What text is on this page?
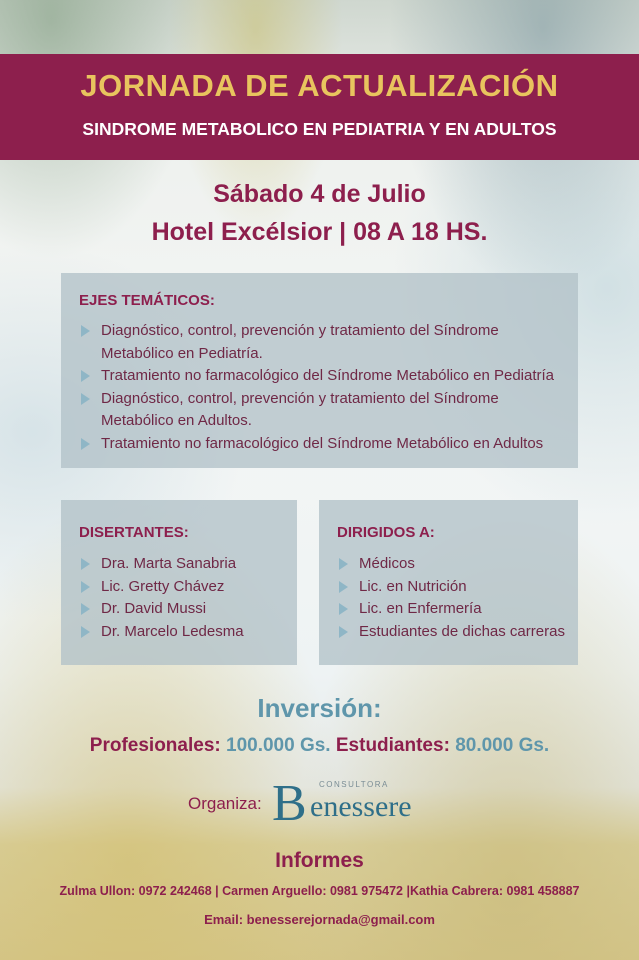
JORNADA DE ACTUALIZACIÓN
SINDROME METABOLICO EN PEDIATRIA Y EN ADULTOS
Sábado 4 de Julio
Hotel Excélsior | 08 A 18 HS.
EJES TEMÁTICOS:
Diagnóstico, control, prevención y tratamiento del Síndrome Metabólico en Pediatría.
Tratamiento no farmacológico del Síndrome Metabólico en Pediatría
Diagnóstico, control, prevención y tratamiento del Síndrome Metabólico en Adultos.
Tratamiento no farmacológico del Síndrome Metabólico en Adultos
DISERTANTES:
Dra. Marta Sanabria
Lic. Gretty Chávez
Dr. David Mussi
Dr. Marcelo Ledesma
DIRIGIDOS A:
Médicos
Lic. en Nutrición
Lic. en Enfermería
Estudiantes de dichas carreras
Inversión:
Profesionales: 100.000 Gs. Estudiantes: 80.000 Gs.
Organiza:
CONSULTORA
B enessere
Informes
Zulma Ullon: 0972 242468 | Carmen Arguello: 0981 975472 |Kathia Cabrera: 0981 458887
Email: benesserejornada@gmail.com
